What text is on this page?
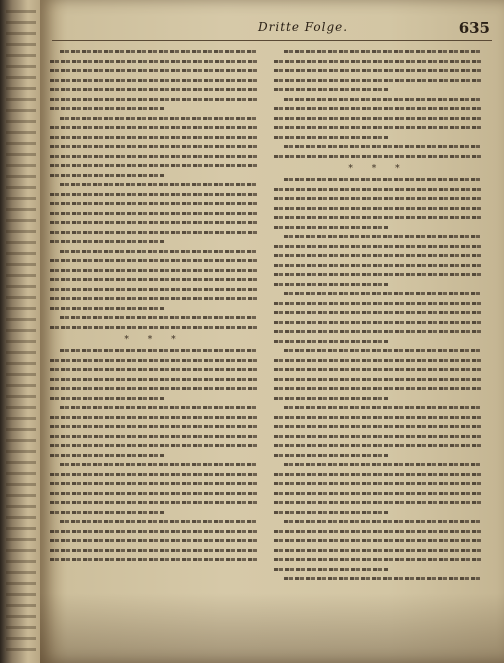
Dritte Folge.	635
* * *
* * *
